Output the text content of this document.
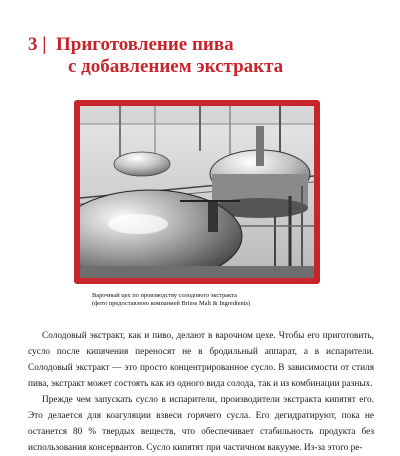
3 | Приготовление пива
с добавлением экстракта
Варочный цех по производству солодового экстракта
(фото предоставлено компанией Briess Malt & Ingredients)

Солодовый экстракт, как и пиво, делают в варочном цехе. Чтобы его приготовить, сусло после кипячения переносят не в бродильный аппарат, а в испарители. Солодовый экстракт — это просто концентрированное сусло. В зависимости от стиля пива, экстракт может состоять как из одного вида солода, так и из комбинации разных.

Прежде чем запускать сусло в испарители, производители экстракта кипятят его. Это делается для коагуляции взвеси горячего сусла. Его дегидратируют, пока не останется 80 % твердых веществ, что обеспечивает стабильность продукта без использования консервантов. Сусло кипятят при частичном вакууме. Из-за этого ре-
